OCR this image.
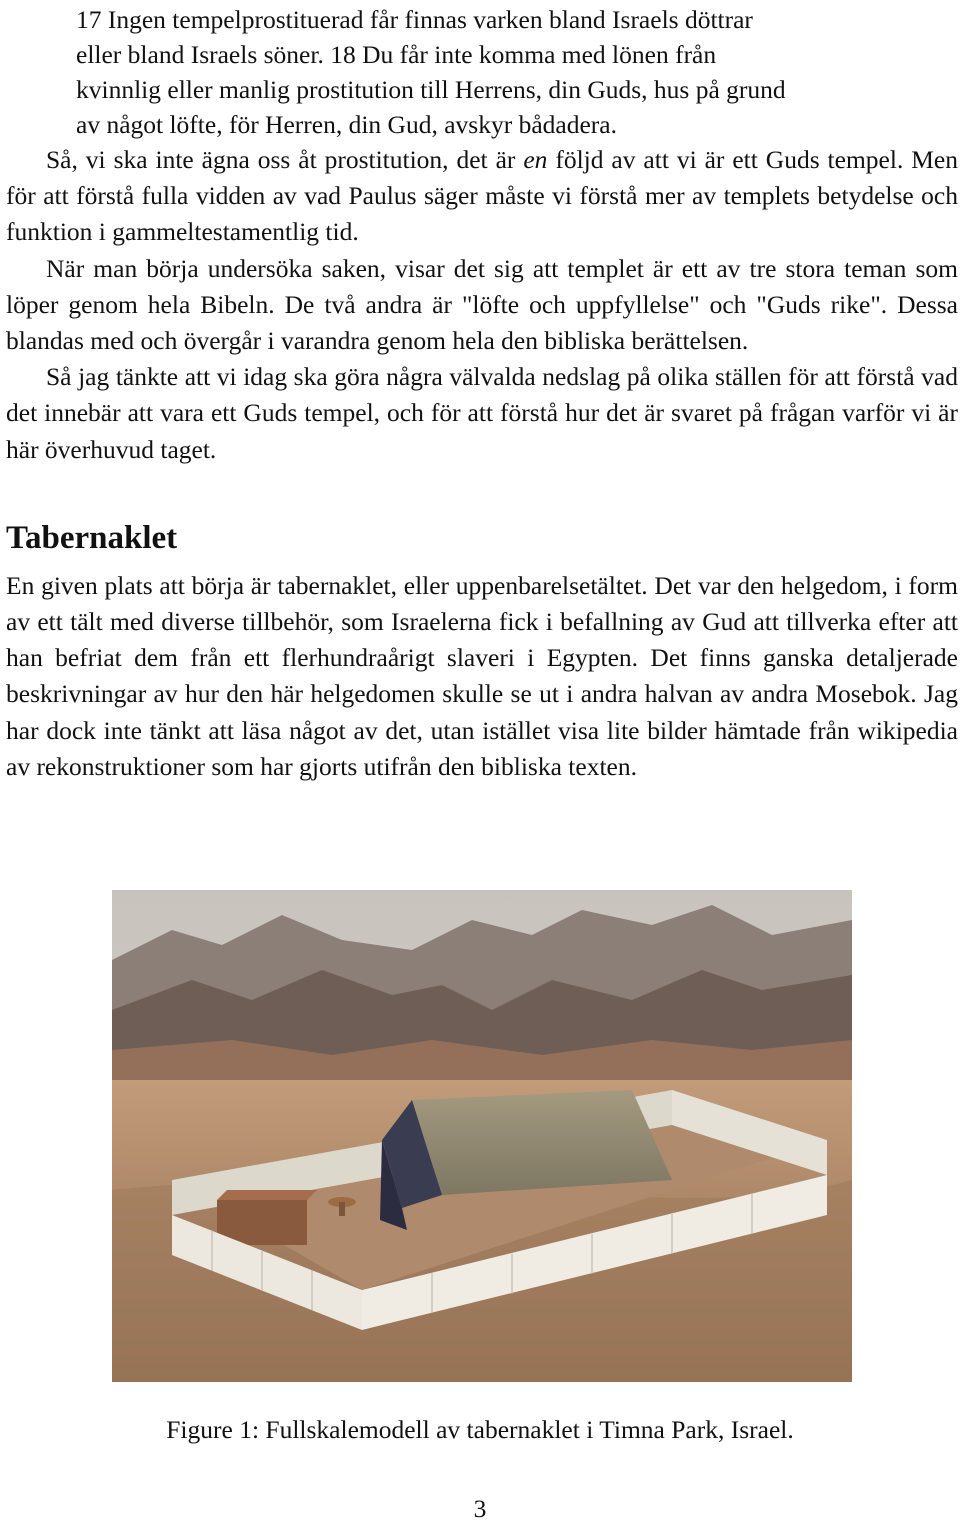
17 Ingen tempelprostituerad får finnas varken bland Israels döttrar
eller bland Israels söner. 18 Du får inte komma med lönen från
kvinnlig eller manlig prostitution till Herrens, din Guds, hus på grund
av något löfte, för Herren, din Gud, avskyr bådadera.

Så, vi ska inte ägna oss åt prostitution, det är en följd av att vi är ett Guds tempel. Men för att förstå fulla vidden av vad Paulus säger måste vi förstå mer av templets betydelse och funktion i gammeltestamentlig tid.

När man börja undersöka saken, visar det sig att templet är ett av tre stora teman som löper genom hela Bibeln. De två andra är "löfte och uppfyllelse" och "Guds rike". Dessa blandas med och övergår i varandra genom hela den bibliska berättelsen.

Så jag tänkte att vi idag ska göra några välvalda nedslag på olika ställen för att förstå vad det innebär att vara ett Guds tempel, och för att förstå hur det är svaret på frågan varför vi är här överhuvud taget.

Tabernaklet

En given plats att börja är tabernaklet, eller uppenbarelsetältet. Det var den helgedom, i form av ett tält med diverse tillbehör, som Israelerna fick i befallning av Gud att tillverka efter att han befriat dem från ett flerhundraårigt slaveri i Egypten. Det finns ganska detaljerade beskrivningar av hur den här helgedomen skulle se ut i andra halvan av andra Mosebok. Jag har dock inte tänkt att läsa något av det, utan istället visa lite bilder hämtade från wikipedia av rekonstruktioner som har gjorts utifrån den bibliska texten.

Figure 1: Fullskalemodell av tabernaklet i Timna Park, Israel.
3
